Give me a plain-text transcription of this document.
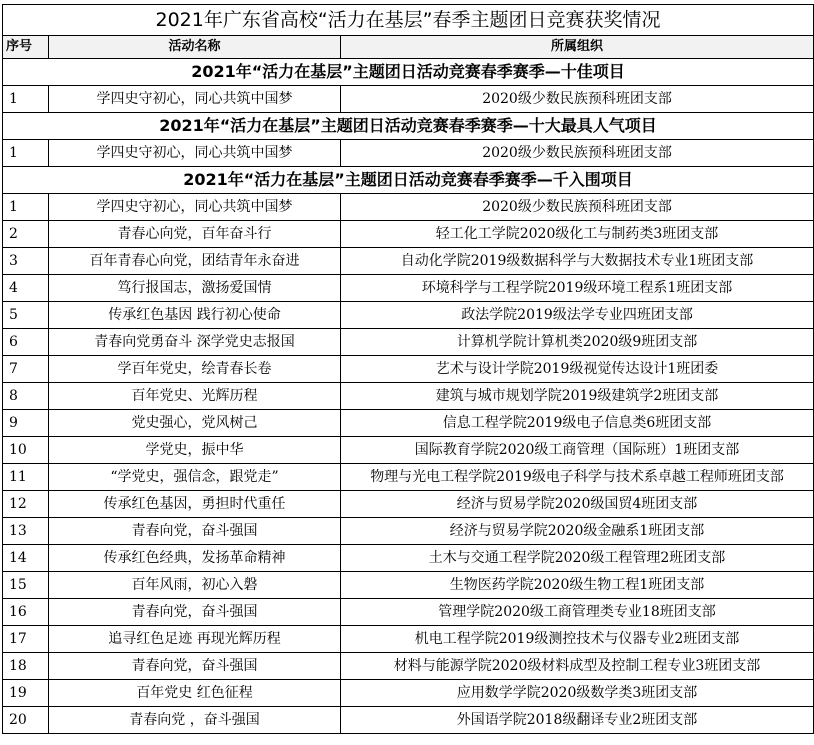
2021年广东省高校“活力在基层”春季主题团日竞赛获奖情况		
序号	活动名称	所属组织
2021年“活力在基层”主题团日活动竞赛春季赛季—十佳项目		
1	学四史守初心，同心共筑中国梦	2020级少数民族预科班团支部
2021年“活力在基层”主题团日活动竞赛春季赛季—十大最具人气项目		
1	学四史守初心，同心共筑中国梦	2020级少数民族预科班团支部
2021年“活力在基层”主题团日活动竞赛春季赛季—千入围项目		
1	学四史守初心，同心共筑中国梦	2020级少数民族预科班团支部
2	青春心向党，百年奋斗行	轻工化工学院2020级化工与制药类3班团支部
3	百年青春心向党，团结青年永奋进	自动化学院2019级数据科学与大数据技术专业1班团支部
4	笃行报国志，激扬爱国情	环境科学与工程学院2019级环境工程系1班团支部
5	传承红色基因 践行初心使命	政法学院2019级法学专业四班团支部
6	青春向党勇奋斗 深学党史志报国	计算机学院计算机类2020级9班团支部
7	学百年党史，绘青春长卷	艺术与设计学院2019级视觉传达设计1班团委
8	百年党史、光辉历程	建筑与城市规划学院2019级建筑学2班团支部
9	党史强心，党风树己	信息工程学院2019级电子信息类6班团支部
10	学党史，振中华	国际教育学院2020级工商管理（国际班）1班团支部
11	“学党史，强信念，跟党走”	物理与光电工程学院2019级电子科学与技术系卓越工程师班团支部
12	传承红色基因，勇担时代重任	经济与贸易学院2020级国贸4班团支部
13	青春向党，奋斗强国	经济与贸易学院2020级金融系1班团支部
14	传承红色经典，发扬革命精神	土木与交通工程学院2020级工程管理2班团支部
15	百年风雨，初心入磐	生物医药学院2020级生物工程1班团支部
16	青春向党，奋斗强国	管理学院2020级工商管理类专业18班团支部
17	追寻红色足迹 再现光辉历程	机电工程学院2019级测控技术与仪器专业2班团支部
18	青春向党，奋斗强国	材料与能源学院2020级材料成型及控制工程专业3班团支部
19	百年党史 红色征程	应用数学学院2020级数学类3班团支部
20	青春向党 ，奋斗强国	外国语学院2018级翻译专业2班团支部
